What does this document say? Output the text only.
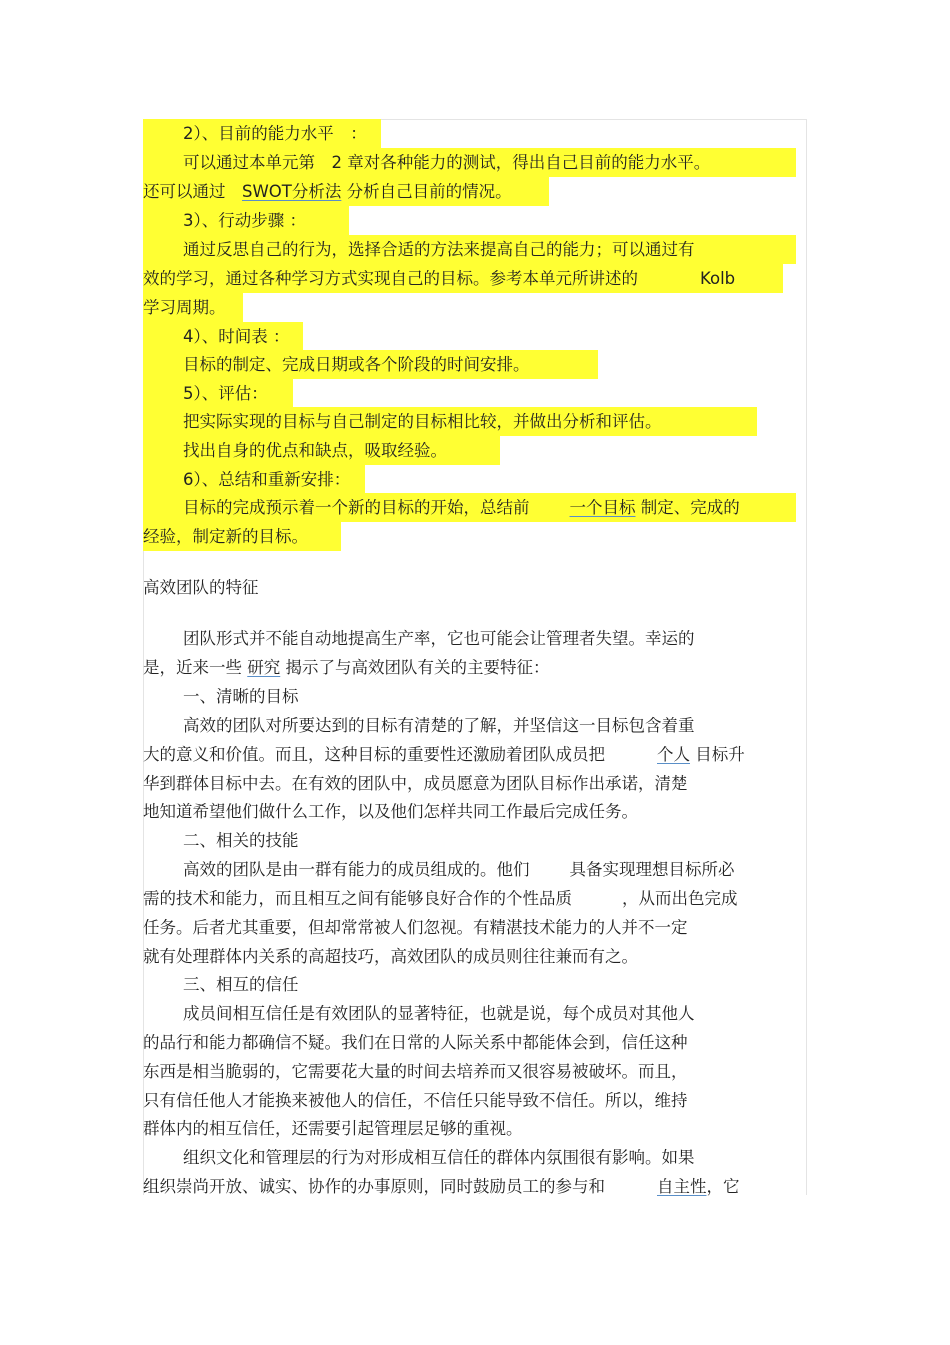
2）、目前的能力水平　：
可以通过本单元第　2 章对各种能力的测试，得出自己目前的能力水平。
还可以通过　SWOT分析法 分析自己目前的情况。
3）、行动步骤 ：
通过反思自己的行为，选择合适的方法来提高自己的能力；可以通过有
效的学习，通过各种学习方式实现自己的目标。参考本单元所讲述的	Kolb
学习周期。
4）、时间表 ：
目标的制定、完成日期或各个阶段的时间安排。
5）、评估：
把实际实现的目标与自己制定的目标相比较，并做出分析和评估。
找出自身的优点和缺点，吸取经验。
6）、总结和重新安排：
目标的完成预示着一个新的目标的开始，总结前 一个目标 制定、完成的
经验，制定新的目标。
高效团队的特征
团队形式并不能自动地提高生产率，它也可能会让管理者失望。幸运的
是，近来一些 研究 揭示了与高效团队有关的主要特征：
一、清晰的目标
高效的团队对所要达到的目标有清楚的了解，并坚信这一目标包含着重
大的意义和价值。而且，这种目标的重要性还激励着团队成员把	个人 目标升
华到群体目标中去。在有效的团队中，成员愿意为团队目标作出承诺，清楚
地知道希望他们做什么工作，以及他们怎样共同工作最后完成任务。
二、相关的技能
高效的团队是由一群有能力的成员组成的。他们 具备实现理想目标所必
需的技术和能力，而且相互之间有能够良好合作的个性品质	，从而出色完成
任务。后者尤其重要，但却常常被人们忽视。有精湛技术能力的人并不一定
就有处理群体内关系的高超技巧，高效团队的成员则往往兼而有之。
三、相互的信任
成员间相互信任是有效团队的显著特征，也就是说，每个成员对其他人
的品行和能力都确信不疑。我们在日常的人际关系中都能体会到，信任这种
东西是相当脆弱的，它需要花大量的时间去培养而又很容易被破坏。而且，
只有信任他人才能换来被他人的信任，不信任只能导致不信任。所以，维持
群体内的相互信任，还需要引起管理层足够的重视。
组织文化和管理层的行为对形成相互信任的群体内氛围很有影响。如果
组织崇尚开放、诚实、协作的办事原则，同时鼓励员工的参与和	自主性，它
